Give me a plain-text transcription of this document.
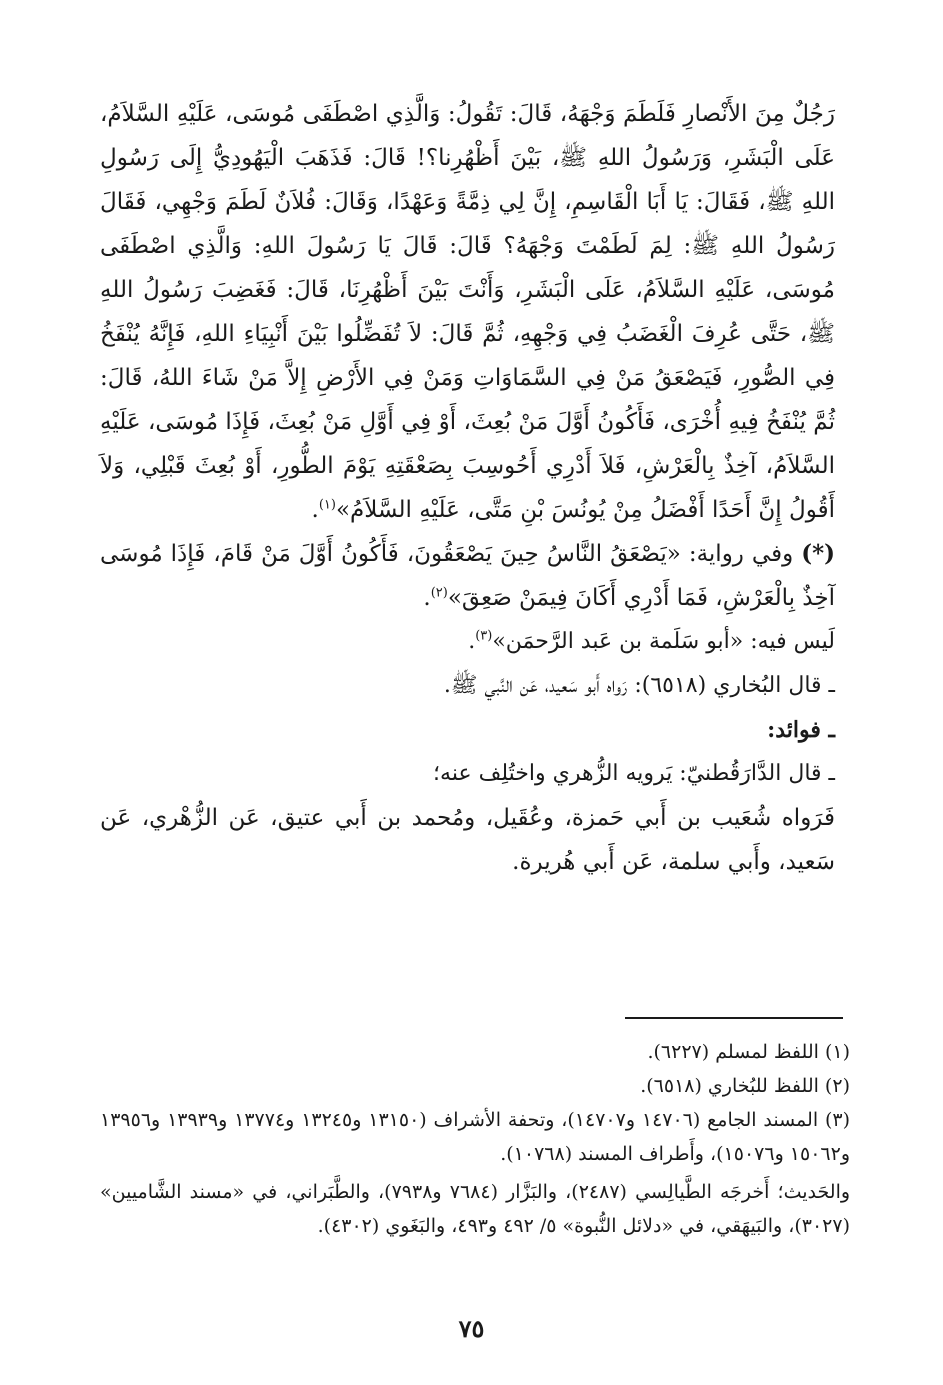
رَجُلٌ مِنَ الأَنْصارِ فَلَطَمَ وَجْهَهُ، قَالَ: تَقُولُ: وَالَّذِي اصْطَفَى مُوسَى، عَلَيْهِ السَّلاَمُ، عَلَى الْبَشَرِ، وَرَسُولُ اللهِ ﷺ، بَيْنَ أَظْهُرِنا؟! قَالَ: فَذَهَبَ الْيَهُودِيُّ إِلَى رَسُولِ اللهِ ﷺ، فَقَالَ: يَا أَبَا الْقَاسِمِ، إِنَّ لِي ذِمَّةً وَعَهْدًا، وَقَالَ: فُلاَنٌ لَطَمَ وَجْهِي، فَقَالَ رَسُولُ اللهِ ﷺ: لِمَ لَطَمْتَ وَجْهَهُ؟ قَالَ: قَالَ يَا رَسُولَ اللهِ: وَالَّذِي اصْطَفَى مُوسَى، عَلَيْهِ السَّلاَمُ، عَلَى الْبَشَرِ، وَأَنْتَ بَيْنَ أَظْهُرِنَا، قَالَ: فَغَضِبَ رَسُولُ اللهِ ﷺ، حَتَّى عُرِفَ الْغَضَبُ فِي وَجْهِهِ، ثُمَّ قَالَ: لاَ تُفَضِّلُوا بَيْنَ أَنْبِيَاءِ اللهِ، فَإِنَّهُ يُنْفَخُ فِي الصُّورِ، فَيَصْعَقُ مَنْ فِي السَّمَاوَاتِ وَمَنْ فِي الأَرْضِ إِلاَّ مَنْ شَاءَ اللهُ، قَالَ: ثُمَّ يُنْفَخُ فِيهِ أُخْرَى، فَأَكُونُ أَوَّلَ مَنْ بُعِثَ، أَوْ فِي أَوَّلِ مَنْ بُعِثَ، فَإِذَا مُوسَى، عَلَيْهِ السَّلاَمُ، آخِذٌ بِالْعَرْشِ، فَلاَ أَدْرِي أَحُوسِبَ بِصَعْقَتِهِ يَوْمَ الطُّورِ، أَوْ بُعِثَ قَبْلِي، وَلاَ أَقُولُ إِنَّ أَحَدًا أَفْضَلُ مِنْ يُونُسَ بْنِ مَتَّى، عَلَيْهِ السَّلاَمُ»$^{(١)}$.

(*) وفي رواية: «يَصْعَقُ النَّاسُ حِينَ يَصْعَقُونَ، فَأَكُونُ أَوَّلَ مَنْ قَامَ، فَإِذَا مُوسَى آخِذٌ بِالْعَرْشِ، فَمَا أَدْرِي أَكَانَ فِيمَنْ صَعِقَ»$^{(٢)}$.

لَيس فيه: «أبو سَلَمة بن عَبد الرَّحمَن»$^{(٣)}$.

ـ قال البُخاري (٦٥١٨): رَواه أَبو سَعيد، عَن النَّبي ﷺ.

ـ فوائد:

ـ قال الدَّارَقُطنيّ: يَرويه الزُّهري واختُلِف عنه؛

فَرَواه شُعَيب بن أَبي حَمزة، وعُقَيل، ومُحمد بن أَبي عتيق، عَن الزُّهْري، عَن سَعيد، وأَبي سلمة، عَن أَبي هُريرة.

(١) اللفظ لمسلم (٦٢٢٧).

(٢) اللفظ للبُخاري (٦٥١٨).

(٣) المسند الجامع (١٤٧٠٦ و١٤٧٠٧)، وتحفة الأشراف (١٣١٥٠ و١٣٢٤٥ و١٣٧٧٤ و١٣٩٣٩ و١٣٩٥٦ و١٥٠٦٢ و١٥٠٧٦)، وأَطراف المسند (١٠٧٦٨).

والحَديث؛ أَخرجَه الطَّيالِسي (٢٤٨٧)، والبَزَّار (٧٦٨٤ و٧٩٣٨)، والطَّبَراني، في «مسند الشَّاميين» (٣٠٢٧)، والبَيهَقي، في «دلائل النُّبوة» ٥/ ٤٩٢ و٤٩٣، والبَغَوي (٤٣٠٢).

٧٥
